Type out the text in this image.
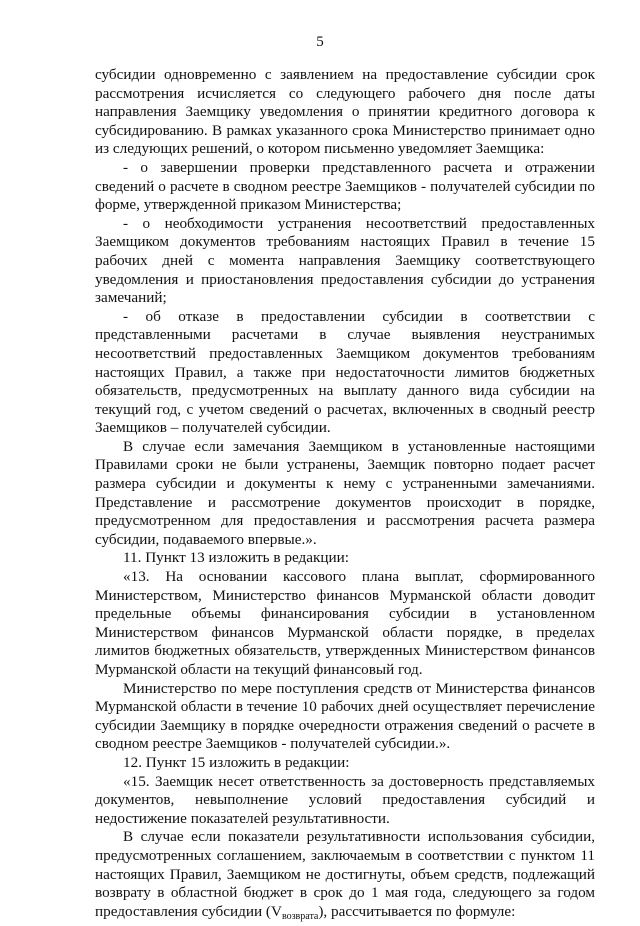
5

субсидии одновременно с заявлением на предоставление субсидии срок рассмотрения исчисляется со следующего рабочего дня после даты направления Заемщику уведомления о принятии кредитного договора к субсидированию. В рамках указанного срока Министерство принимает одно из следующих решений, о котором письменно уведомляет Заемщика:

- о завершении проверки представленного расчета и отражении сведений о расчете в сводном реестре Заемщиков - получателей субсидии по форме, утвержденной приказом Министерства;

- о необходимости устранения несоответствий предоставленных Заемщиком документов требованиям настоящих Правил в течение 15 рабочих дней с момента направления Заемщику соответствующего уведомления и приостановления предоставления субсидии до устранения замечаний;

- об отказе в предоставлении субсидии в соответствии с представленными расчетами в случае выявления неустранимых несоответствий предоставленных Заемщиком документов требованиям настоящих Правил, а также при недостаточности лимитов бюджетных обязательств, предусмотренных на выплату данного вида субсидии на текущий год, с учетом сведений о расчетах, включенных в сводный реестр Заемщиков – получателей субсидии.

В случае если замечания Заемщиком в установленные настоящими Правилами сроки не были устранены, Заемщик повторно подает расчет размера субсидии и документы к нему с устраненными замечаниями. Представление и рассмотрение документов происходит в порядке, предусмотренном для предоставления и рассмотрения расчета размера субсидии, подаваемого впервые.».

11. Пункт 13 изложить в редакции:

«13. На основании кассового плана выплат, сформированного Министерством, Министерство финансов Мурманской области доводит предельные объемы финансирования субсидии в установленном Министерством финансов Мурманской области порядке, в пределах лимитов бюджетных обязательств, утвержденных Министерством финансов Мурманской области на текущий финансовый год.

Министерство по мере поступления средств от Министерства финансов Мурманской области в течение 10 рабочих дней осуществляет перечисление субсидии Заемщику в порядке очередности отражения сведений о расчете в сводном реестре Заемщиков - получателей субсидии.».

12. Пункт 15 изложить в редакции:

«15. Заемщик несет ответственность за достоверность представляемых документов, невыполнение условий предоставления субсидий и недостижение показателей результативности.

В случае если показатели результативности использования субсидии, предусмотренных соглашением, заключаемым в соответствии с пунктом 11 настоящих Правил, Заемщиком не достигнуты, объем средств, подлежащий возврату в областной бюджет в срок до 1 мая года, следующего за годом предоставления субсидии $(V_{возврата})$, рассчитывается по формуле:
